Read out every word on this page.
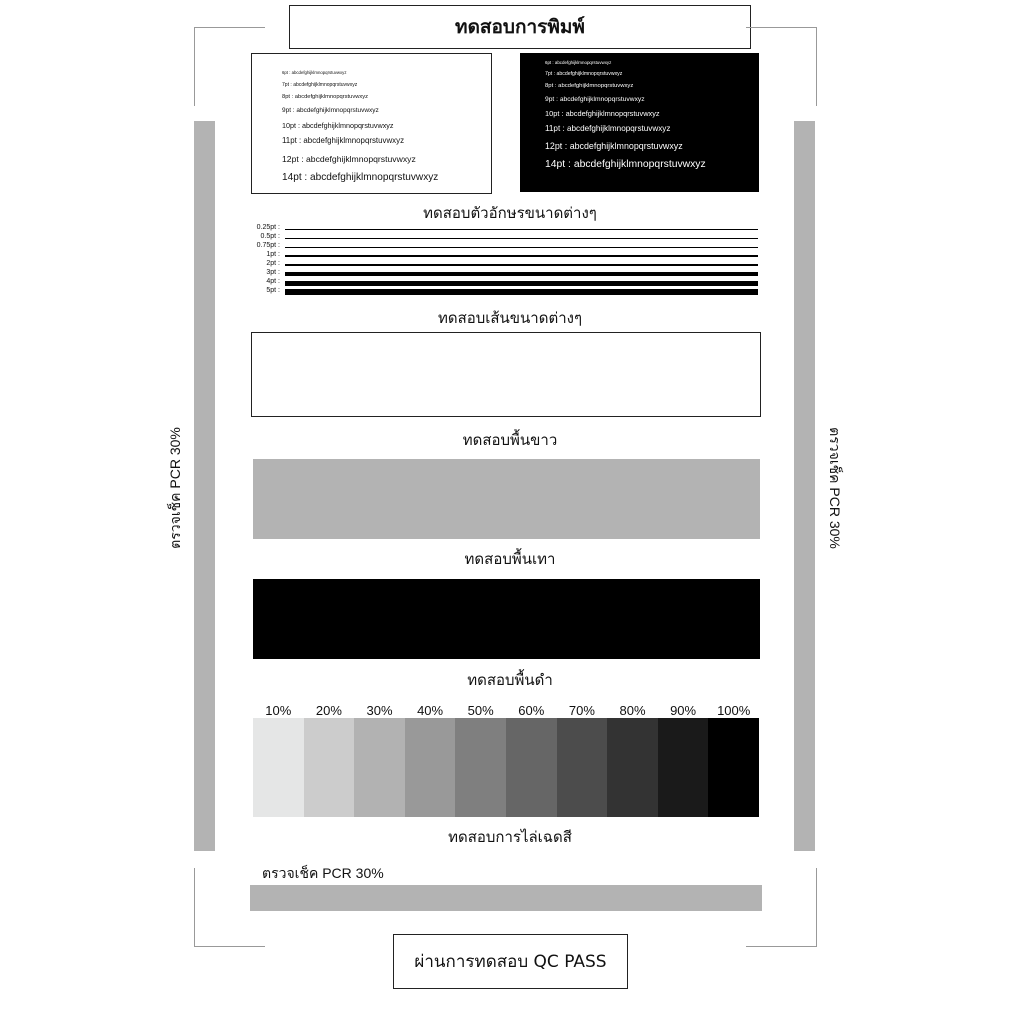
ทดสอบการพิมพ์
ตรวจเช็ค PCR 30%	ตรวจเช็ค PCR 30%
6pt : abcdefghijklmnopqrstuvwxyz
7pt : abcdefghijklmnopqrstuvwxyz
8pt : abcdefghijklmnopqrstuvwxyz
9pt : abcdefghijklmnopqrstuvwxyz
10pt : abcdefghijklmnopqrstuvwxyz
11pt : abcdefghijklmnopqrstuvwxyz
12pt : abcdefghijklmnopqrstuvwxyz
14pt : abcdefghijklmnopqrstuvwxyz
6pt : abcdefghijklmnopqrstuvwxyz
7pt : abcdefghijklmnopqrstuvwxyz
8pt : abcdefghijklmnopqrstuvwxyz
9pt : abcdefghijklmnopqrstuvwxyz
10pt : abcdefghijklmnopqrstuvwxyz
11pt : abcdefghijklmnopqrstuvwxyz
12pt : abcdefghijklmnopqrstuvwxyz
14pt : abcdefghijklmnopqrstuvwxyz
ทดสอบตัวอักษรขนาดต่างๆ
0.25pt :
0.5pt :
0.75pt :
1pt :
2pt :
3pt :
4pt :
5pt :
ทดสอบเส้นขนาดต่างๆ
ทดสอบพื้นขาว
ทดสอบพื้นเทา
ทดสอบพื้นดำ
10%	20%	30%	40%	50%	60%	70%	80%	90%	100%
ทดสอบการไล่เฉดสี
ตรวจเช็ค PCR 30%
ผ่านการทดสอบ QC PASS
